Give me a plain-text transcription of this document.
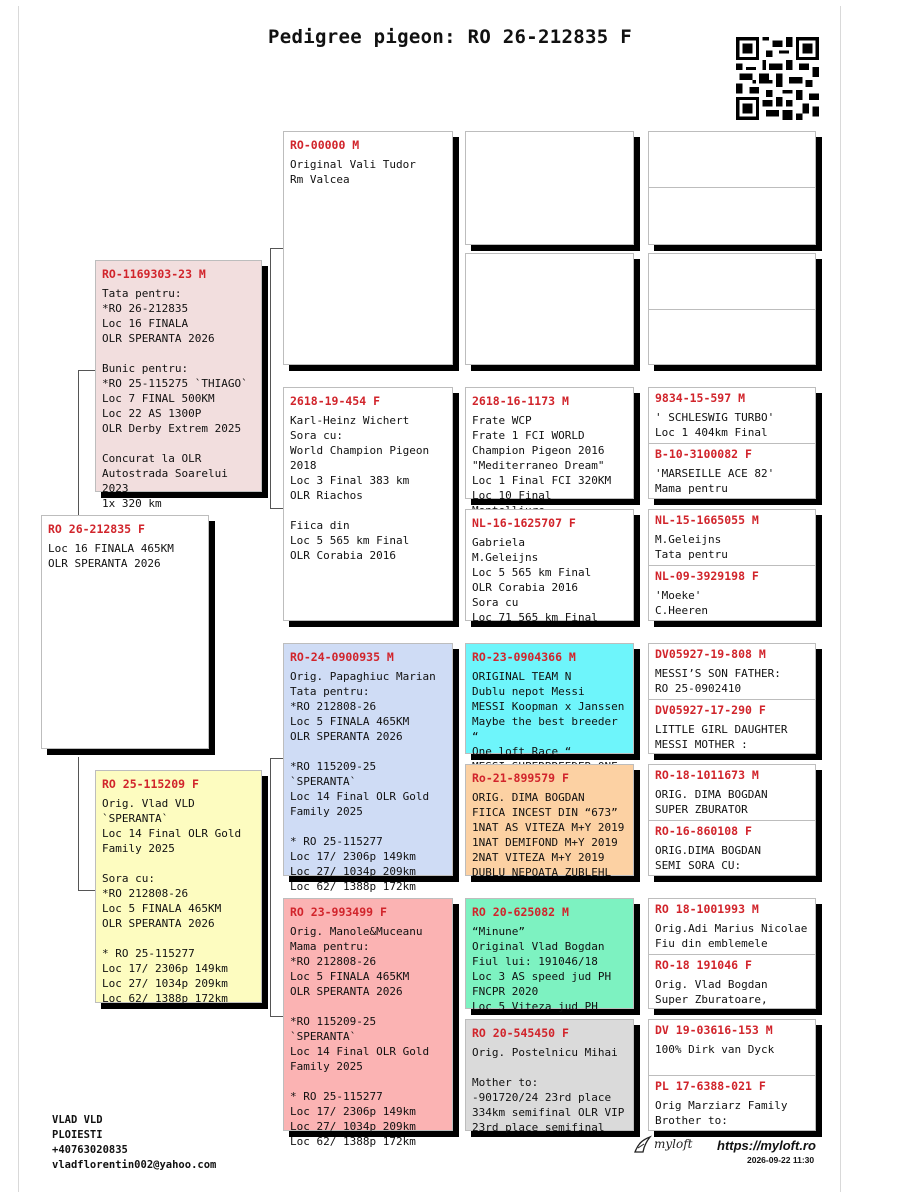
Pedigree pigeon: RO 26-212835 F
RO 26-212835 F
Loc 16 FINALA 465KM
OLR SPERANTA 2026
RO-1169303-23 M
Tata pentru:
*RO 26-212835
Loc 16 FINALA
OLR SPERANTA 2026

Bunic pentru:
*RO 25-115275 `THIAGO`
Loc 7 FINAL 500KM
Loc 22 AS 1300P
OLR Derby Extrem 2025

Concurat la OLR
Autostrada Soarelui 2023
1x 320 km
RO 25-115209 F
Orig. Vlad VLD
`SPERANTA`
Loc 14 Final OLR Gold
Family 2025

Sora cu:
*RO 212808-26
Loc 5 FINALA 465KM
OLR SPERANTA 2026

* RO 25-115277
Loc 17/ 2306p 149km
Loc 27/ 1034p 209km
Loc 62/ 1388p 172km
RO-00000 M
Original Vali Tudor
Rm Valcea
2618-19-454 F
Karl-Heinz Wichert
Sora cu:
World Champion Pigeon
2018
Loc 3 Final 383 km
OLR Riachos

Fiica din
Loc 5 565 km Final
OLR Corabia 2016
RO-24-0900935 M
Orig. Papaghiuc Marian
Tata pentru:
*RO 212808-26
Loc 5 FINALA 465KM
OLR SPERANTA 2026

*RO 115209-25 `SPERANTA`
Loc 14 Final OLR Gold
Family 2025

* RO 25-115277
Loc 17/ 2306p 149km
Loc 27/ 1034p 209km
Loc 62/ 1388p 172km
RO 23-993499 F
Orig. Manole&Muceanu
Mama pentru:
*RO 212808-26
Loc 5 FINALA 465KM
OLR SPERANTA 2026

*RO 115209-25 `SPERANTA`
Loc 14 Final OLR Gold
Family 2025

* RO 25-115277
Loc 17/ 2306p 149km
Loc 27/ 1034p 209km
Loc 62/ 1388p 172km
2618-16-1173 M
Frate WCP
Frate 1 FCI WORLD
Champion Pigeon 2016
"Mediterraneo Dream"
Loc 1 Final FCI 320KM
Loc 10 Final
NL-16-1625707 F
Gabriela
M.Geleijns
Loc 5 565 km Final
OLR Corabia 2016
Sora cu
Loc 71 565 km Final
RO-23-0904366 M
ORIGINAL TEAM N
Dublu nepot Messi
MESSI Koopman x Janssen
Maybe the best breeder “
One loft Race “

Ro-21-899579 F
ORIG. DIMA BOGDAN
FIICA INCEST DIN “673”
1NAT AS VITEZA M+Y 2019
1NAT DEMIFOND M+Y 2019
2NAT VITEZA M+Y 2019
DUBLU NEPOATA ZUBLEHL
RO 20-625082 M
“Minune”
Original Vlad Bogdan
Fiul lui: 191046/18
Loc 3 AS speed jud PH
FNCPR 2020
Loc 5 Viteza jud PH
RO 20-545450 F
Orig. Postelnicu Mihai

Mother to:
-901720/24 23rd place
334km semifinal OLR VIP
23rd place semifinal
9834-15-597 M
' SCHLESWIG TURBO'
Loc 1 404km Final
B-10-3100082 F
'MARSEILLE ACE 82'
Mama pentru
NL-15-1665055 M
M.Geleijns
Tata pentru
NL-09-3929198 F
'Moeke'
C.Heeren
DV05927-19-808 M
MESSI’S SON FATHER:
RO 25-0902410
DV05927-17-290 F
LITTLE GIRL DAUGHTER
MESSI MOTHER :
RO-18-1011673 M
ORIG. DIMA BOGDAN
SUPER ZBURATOR
RO-16-860108 F
ORIG.DIMA BOGDAN
SEMI SORA CU:
RO 18-1001993 M
Orig.Adi Marius Nicolae
Fiu din emblemele
RO-18 191046 F
Orig. Vlad Bogdan
Super Zburatoare,
DV 19-03616-153 M
100% Dirk van Dyck
PL 17-6388-021 F
Orig Marziarz Family
Brother to:
VLAD VLD
PLOIESTI
+40763020835
vladflorentin002@yahoo.com
myloft https://myloft.ro
2026-09-22 11:30
